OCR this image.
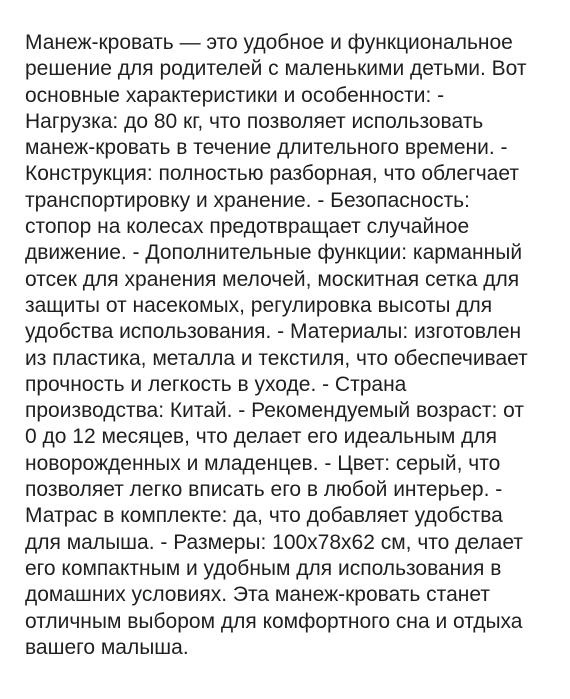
Манеж-кровать — это удобное и функциональное
решение для родителей с маленькими детьми. Вот
основные характеристики и особенности: -
Нагрузка: до 80 кг, что позволяет использовать
манеж-кровать в течение длительного времени. -
Конструкция: полностью разборная, что облегчает
транспортировку и хранение. - Безопасность:
стопор на колесах предотвращает случайное
движение. - Дополнительные функции: карманный
отсек для хранения мелочей, москитная сетка для
защиты от насекомых, регулировка высоты для
удобства использования. - Материалы: изготовлен
из пластика, металла и текстиля, что обеспечивает
прочность и легкость в уходе. - Страна
производства: Китай. - Рекомендуемый возраст: от
0 до 12 месяцев, что делает его идеальным для
новорожденных и младенцев. - Цвет: серый, что
позволяет легко вписать его в любой интерьер. -
Матрас в комплекте: да, что добавляет удобства
для малыша. - Размеры: 100x78x62 см, что делает
его компактным и удобным для использования в
домашних условиях. Эта манеж-кровать станет
отличным выбором для комфортного сна и отдыха
вашего малыша.
